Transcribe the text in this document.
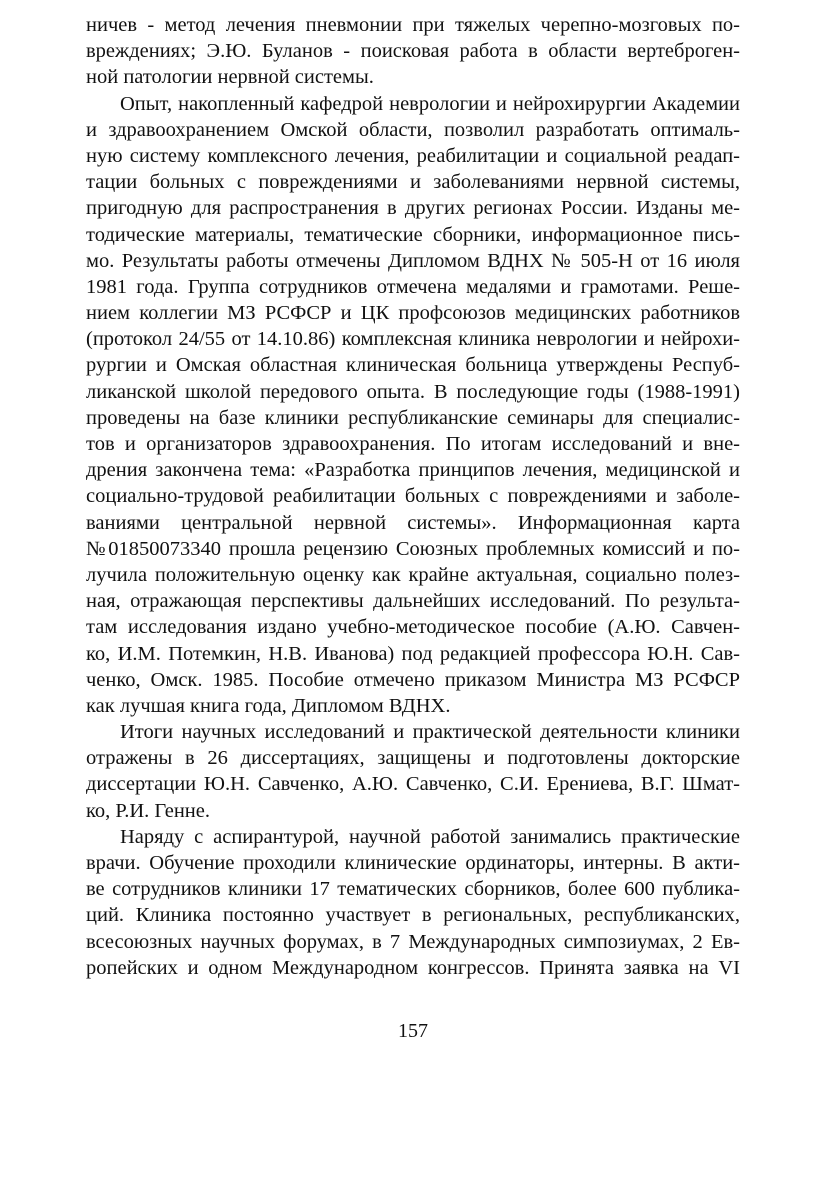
ничев - метод лечения пневмонии при тяжелых черепно-мозговых по-
вреждениях; Э.Ю. Буланов - поисковая работа в области вертеброген-
ной патологии нервной системы.
Опыт, накопленный кафедрой неврологии и нейрохирургии Академии
и здравоохранением Омской области, позволил разработать оптималь-
ную систему комплексного лечения, реабилитации и социальной реадап-
тации больных с повреждениями и заболеваниями нервной системы,
пригодную для распространения в других регионах России. Изданы ме-
тодические материалы, тематические сборники, информационное пись-
мо. Результаты работы отмечены Дипломом ВДНХ № 505-Н от 16 июля
1981 года. Группа сотрудников отмечена медалями и грамотами. Реше-
нием коллегии МЗ РСФСР и ЦК профсоюзов медицинских работников
(протокол 24/55 от 14.10.86) комплексная клиника неврологии и нейрохи-
рургии и Омская областная клиническая больница утверждены Респуб-
ликанской школой передового опыта. В последующие годы (1988-1991)
проведены на базе клиники республиканские семинары для специалис-
тов и организаторов здравоохранения. По итогам исследований и вне-
дрения закончена тема: «Разработка принципов лечения, медицинской и
социально-трудовой реабилитации больных с повреждениями и заболе-
ваниями центральной нервной системы». Информационная карта
№01850073340 прошла рецензию Союзных проблемных комиссий и по-
лучила положительную оценку как крайне актуальная, социально полез-
ная, отражающая перспективы дальнейших исследований. По результа-
там исследования издано учебно-методическое пособие (А.Ю. Савчен-
ко, И.М. Потемкин, Н.В. Иванова) под редакцией профессора Ю.Н. Сав-
ченко, Омск. 1985. Пособие отмечено приказом Министра МЗ РСФСР
как лучшая книга года, Дипломом ВДНХ.
Итоги научных исследований и практической деятельности клиники
отражены в 26 диссертациях, защищены и подготовлены докторские
диссертации Ю.Н. Савченко, А.Ю. Савченко, С.И. Ерениева, В.Г. Шмат-
ко, Р.И. Генне.
Наряду с аспирантурой, научной работой занимались практические
врачи. Обучение проходили клинические ординаторы, интерны. В акти-
ве сотрудников клиники 17 тематических сборников, более 600 публика-
ций. Клиника постоянно участвует в региональных, республиканских,
всесоюзных научных форумах, в 7 Международных симпозиумах, 2 Ев-
ропейских и одном Международном конгрессов. Принята заявка на VI
157
